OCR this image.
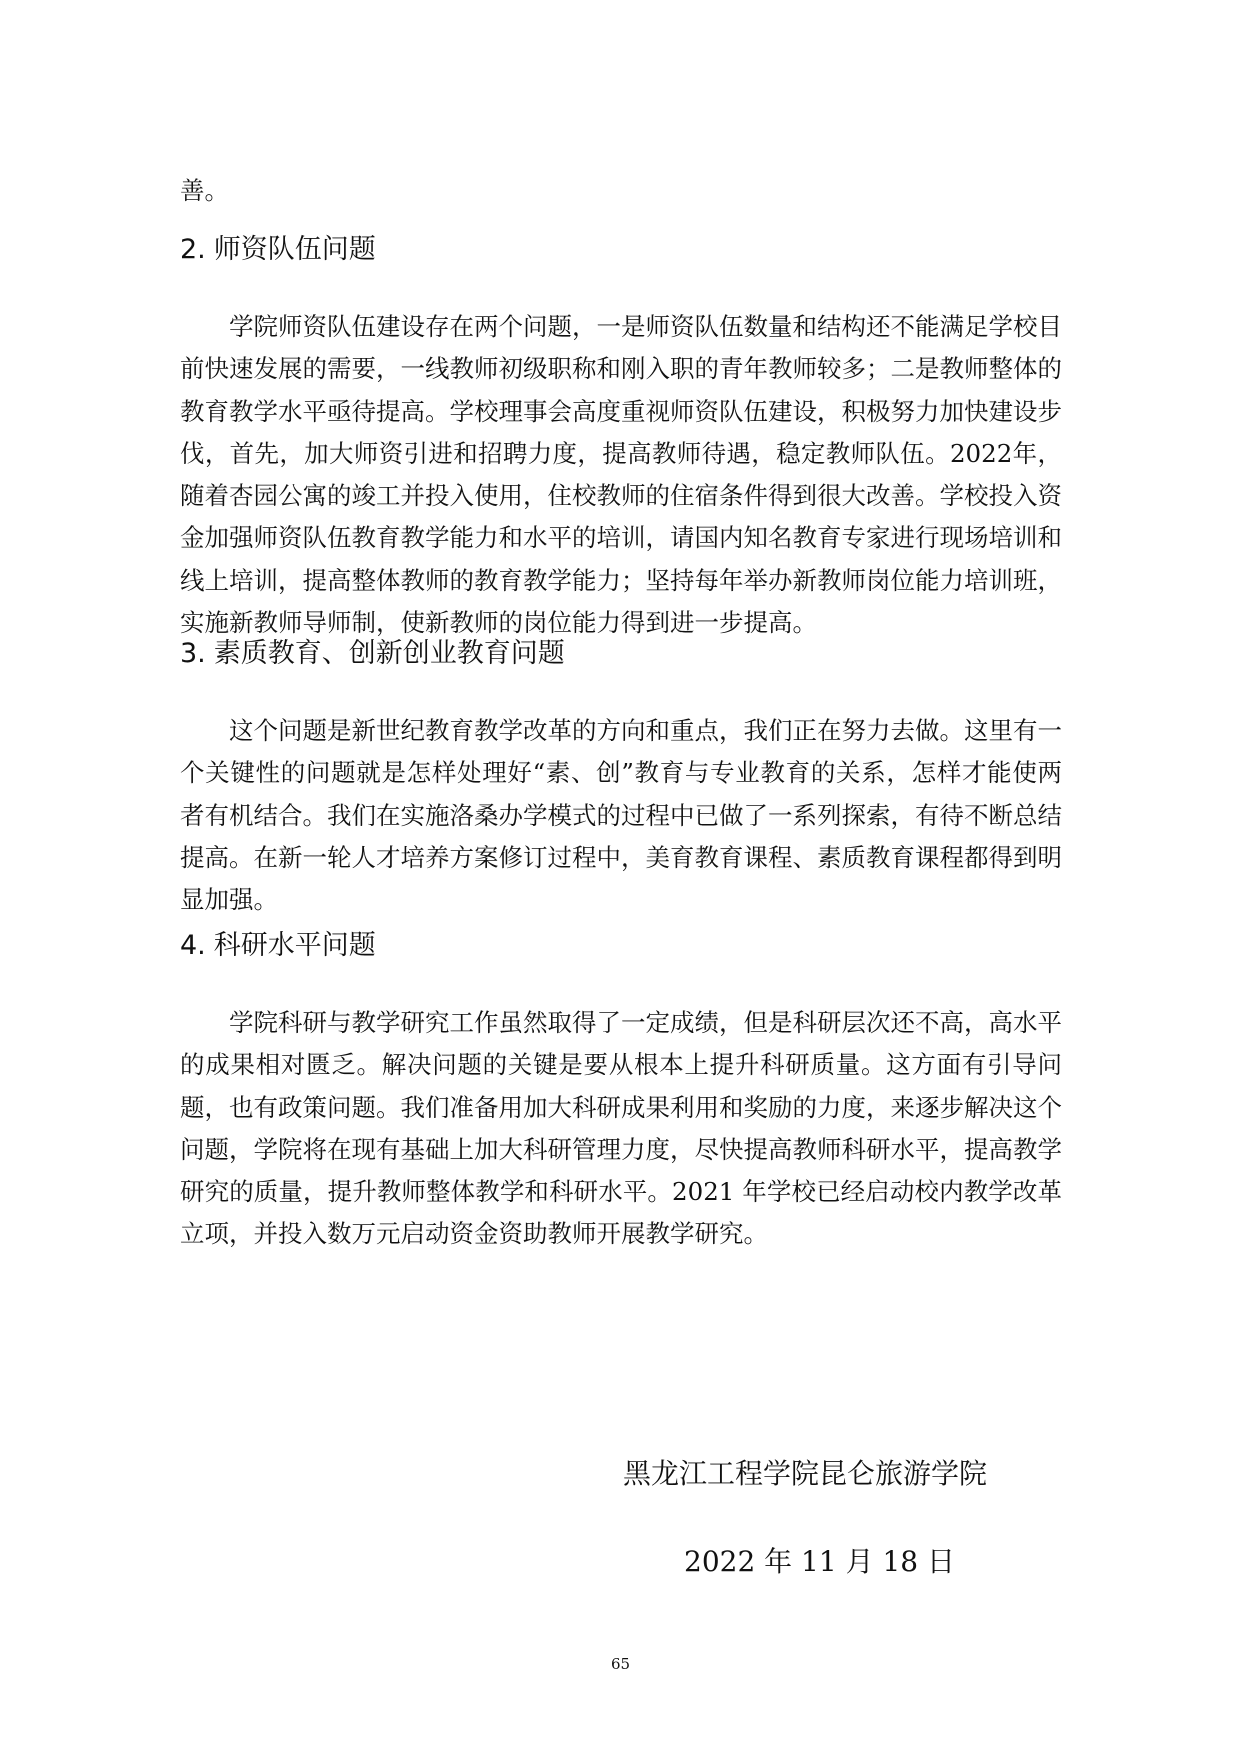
善。

2. 师资队伍问题

学院师资队伍建设存在两个问题，一是师资队伍数量和结构还不能满足学校目前快速发展的需要，一线教师初级职称和刚入职的青年教师较多；二是教师整体的教育教学水平亟待提高。学校理事会高度重视师资队伍建设，积极努力加快建设步伐，首先，加大师资引进和招聘力度，提高教师待遇，稳定教师队伍。2022年，随着杏园公寓的竣工并投入使用，住校教师的住宿条件得到很大改善。学校投入资金加强师资队伍教育教学能力和水平的培训，请国内知名教育专家进行现场培训和线上培训，提高整体教师的教育教学能力；坚持每年举办新教师岗位能力培训班，实施新教师导师制，使新教师的岗位能力得到进一步提高。

3. 素质教育、创新创业教育问题

这个问题是新世纪教育教学改革的方向和重点，我们正在努力去做。这里有一个关键性的问题就是怎样处理好“素、创”教育与专业教育的关系，怎样才能使两者有机结合。我们在实施洛桑办学模式的过程中已做了一系列探索，有待不断总结提高。在新一轮人才培养方案修订过程中，美育教育课程、素质教育课程都得到明显加强。

4. 科研水平问题

学院科研与教学研究工作虽然取得了一定成绩，但是科研层次还不高，高水平的成果相对匮乏。解决问题的关键是要从根本上提升科研质量。这方面有引导问题，也有政策问题。我们准备用加大科研成果利用和奖励的力度，来逐步解决这个问题，学院将在现有基础上加大科研管理力度，尽快提高教师科研水平，提高教学研究的质量，提升教师整体教学和科研水平。2021 年学校已经启动校内教学改革立项，并投入数万元启动资金资助教师开展教学研究。

黑龙江工程学院昆仑旅游学院
2022 年 11 月 18 日
65
